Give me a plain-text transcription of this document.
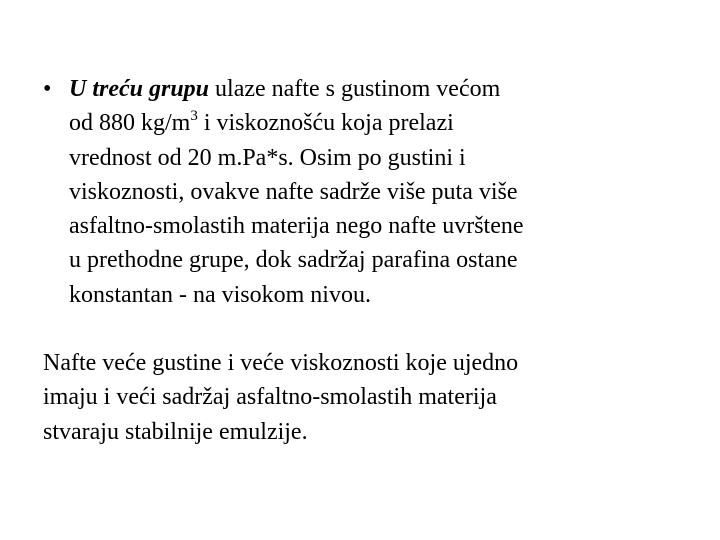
• U treću grupu ulaze nafte s gustinom većom
od 880 $kg/m^3$ i viskoznošću koja prelazi
vrednost od 20 m.Pa*s. Osim po gustini i
viskoznosti, ovakve nafte sadrže više puta više
asfaltno-smolastih materija nego nafte uvrštene
u prethodne grupe, dok sadržaj parafina ostane
konstantan - na visokom nivou.
Nafte veće gustine i veće viskoznosti koje ujedno
imaju i veći sadržaj asfaltno-smolastih materija
stvaraju stabilnije emulzije.
